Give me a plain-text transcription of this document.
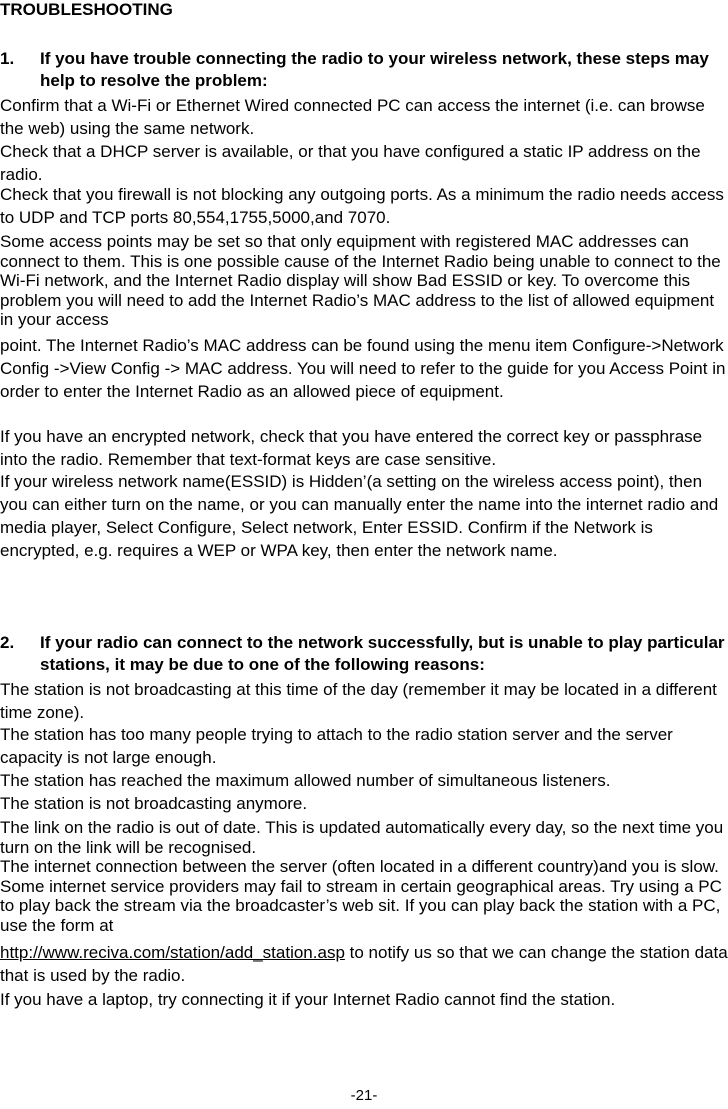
TROUBLESHOOTING
1.	If you have trouble connecting the radio to your wireless network, these steps may help to resolve the problem:

Confirm that a Wi-Fi or Ethernet Wired connected PC can access the internet (i.e. can browse the web) using the same network.

Check that a DHCP server is available, or that you have configured a static IP address on the radio.

Check that you firewall is not blocking any outgoing ports. As a minimum the radio needs access to UDP and TCP ports 80,554,1755,5000,and 7070.

Some access points may be set so that only equipment with registered MAC addresses can connect to them. This is one possible cause of the Internet Radio being unable to connect to the Wi-Fi network, and the Internet Radio display will show Bad ESSID or key. To overcome this problem you will need to add the Internet Radio’s MAC address to the list of allowed equipment in your access

point. The Internet Radio’s MAC address can be found using the menu item Configure->Network Config ->View Config -> MAC address. You will need to refer to the guide for you Access Point in order to enter the Internet Radio as an allowed piece of equipment.

If you have an encrypted network, check that you have entered the correct key or passphrase into the radio. Remember that text-format keys are case sensitive.

If your wireless network name(ESSID) is Hidden’(a setting on the wireless access point), then you can either turn on the name, or you can manually enter the name into the internet radio and media player, Select Configure, Select network, Enter ESSID. Confirm if the Network is encrypted, e.g. requires a WEP or WPA key, then enter the network name.

2.	If your radio can connect to the network successfully, but is unable to play particular stations, it may be due to one of the following reasons:

The station is not broadcasting at this time of the day (remember it may be located in a different time zone).

The station has too many people trying to attach to the radio station server and the server capacity is not large enough.

The station has reached the maximum allowed number of simultaneous listeners.

The station is not broadcasting anymore.

The link on the radio is out of date. This is updated automatically every day, so the next time you turn on the link will be recognised.

The internet connection between the server (often located in a different country)and you is slow. Some internet service providers may fail to stream in certain geographical areas. Try using a PC to play back the stream via the broadcaster’s web sit. If you can play back the station with a PC, use the form at

http://www.reciva.com/station/add_station.asp to notify us so that we can change the station data that is used by the radio.

If you have a laptop, try connecting it if your Internet Radio cannot find the station.

-21-
